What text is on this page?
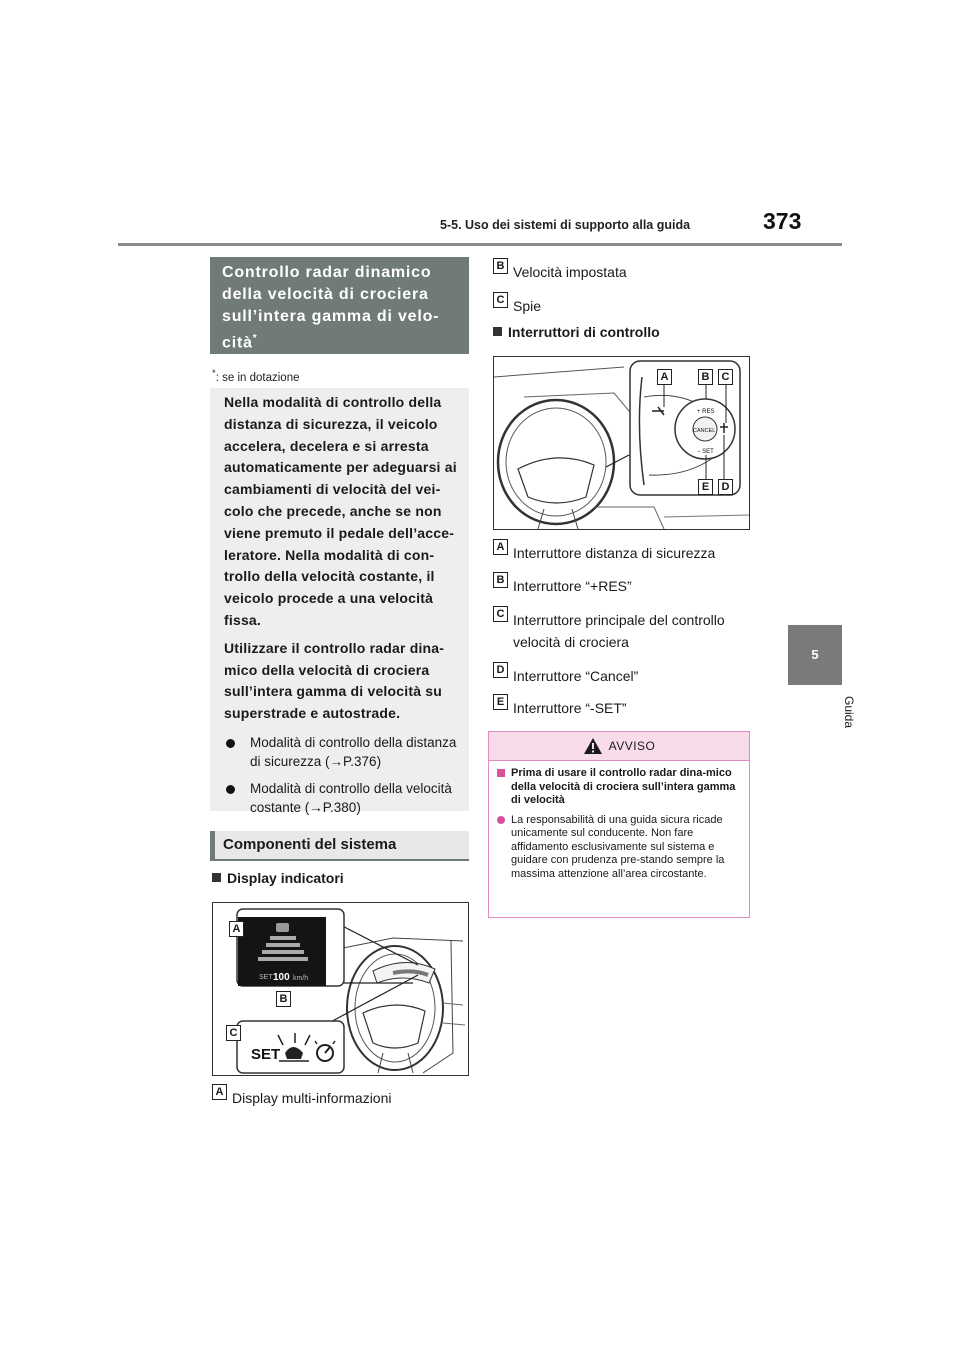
5-5. Uso dei sistemi di supporto alla guida	373
5
Guida
Controllo radar dinamico della velocità di crociera sull’intera gamma di velo-cità*
*: se in dotazione

Nella modalità di controllo della distanza di sicurezza, il veicolo accelera, decelera e si arresta automaticamente per adeguarsi ai cambiamenti di velocità del vei-colo che precede, anche se non viene premuto il pedale dell’acce-leratore. Nella modalità di con-trollo della velocità costante, il veicolo procede a una velocità fissa.

Utilizzare il controllo radar dina-mico della velocità di crociera sull’intera gamma di velocità su superstrade e autostrade.

Modalità di controllo della distanza di sicurezza (→P.376)
Modalità di controllo della velocità costante (→P.380)
Componenti del sistema
Display indicatori
SET 100 km/h
SET
A
B
C
A Display multi-informazioni
B Velocità impostata
C Spie
Interruttori di controllo
CANCEL
+ RES
− SET
A	B	C
E	D
A Interruttore distanza di sicurezza
B Interruttore “+RES”
C Interruttore principale del controllo
velocità di crociera
D Interruttore “Cancel”
E Interruttore “-SET”
AVVISO
Prima di usare il controllo radar dina-mico della velocità di crociera sull’intera gamma di velocità
La responsabilità di una guida sicura ricade unicamente sul conducente. Non fare affidamento esclusivamente sul sistema e guidare con prudenza pre-stando sempre la massima attenzione all’area circostante.
